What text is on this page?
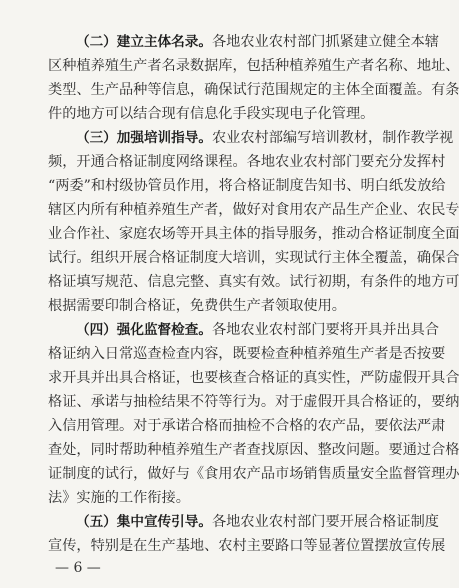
（二）建立主体名录。各地农业农村部门抓紧建立健全本辖
区种植养殖生产者名录数据库，包括种植养殖生产者名称、地址、
类型、生产品种等信息，确保试行范围规定的主体全面覆盖。有条
件的地方可以结合现有信息化手段实现电子化管理。
（三）加强培训指导。农业农村部编写培训教材，制作教学视
频，开通合格证制度网络课程。各地农业农村部门要充分发挥村
“两委”和村级协管员作用，将合格证制度告知书、明白纸发放给
辖区内所有种植养殖生产者，做好对食用农产品生产企业、农民专
业合作社、家庭农场等开具主体的指导服务，推动合格证制度全面
试行。组织开展合格证制度大培训，实现试行主体全覆盖，确保合
格证填写规范、信息完整、真实有效。试行初期，有条件的地方可
根据需要印制合格证，免费供生产者领取使用。
（四）强化监督检查。各地农业农村部门要将开具并出具合
格证纳入日常巡查检查内容，既要检查种植养殖生产者是否按要
求开具并出具合格证，也要核查合格证的真实性，严防虚假开具合
格证、承诺与抽检结果不符等行为。对于虚假开具合格证的，要纳
入信用管理。对于承诺合格而抽检不合格的农产品，要依法严肃
查处，同时帮助种植养殖生产者查找原因、整改问题。要通过合格
证制度的试行，做好与《食用农产品市场销售质量安全监督管理办
法》实施的工作衔接。
（五）集中宣传引导。各地农业农村部门要开展合格证制度
宣传，特别是在生产基地、农村主要路口等显著位置摆放宣传展
— 6 —
